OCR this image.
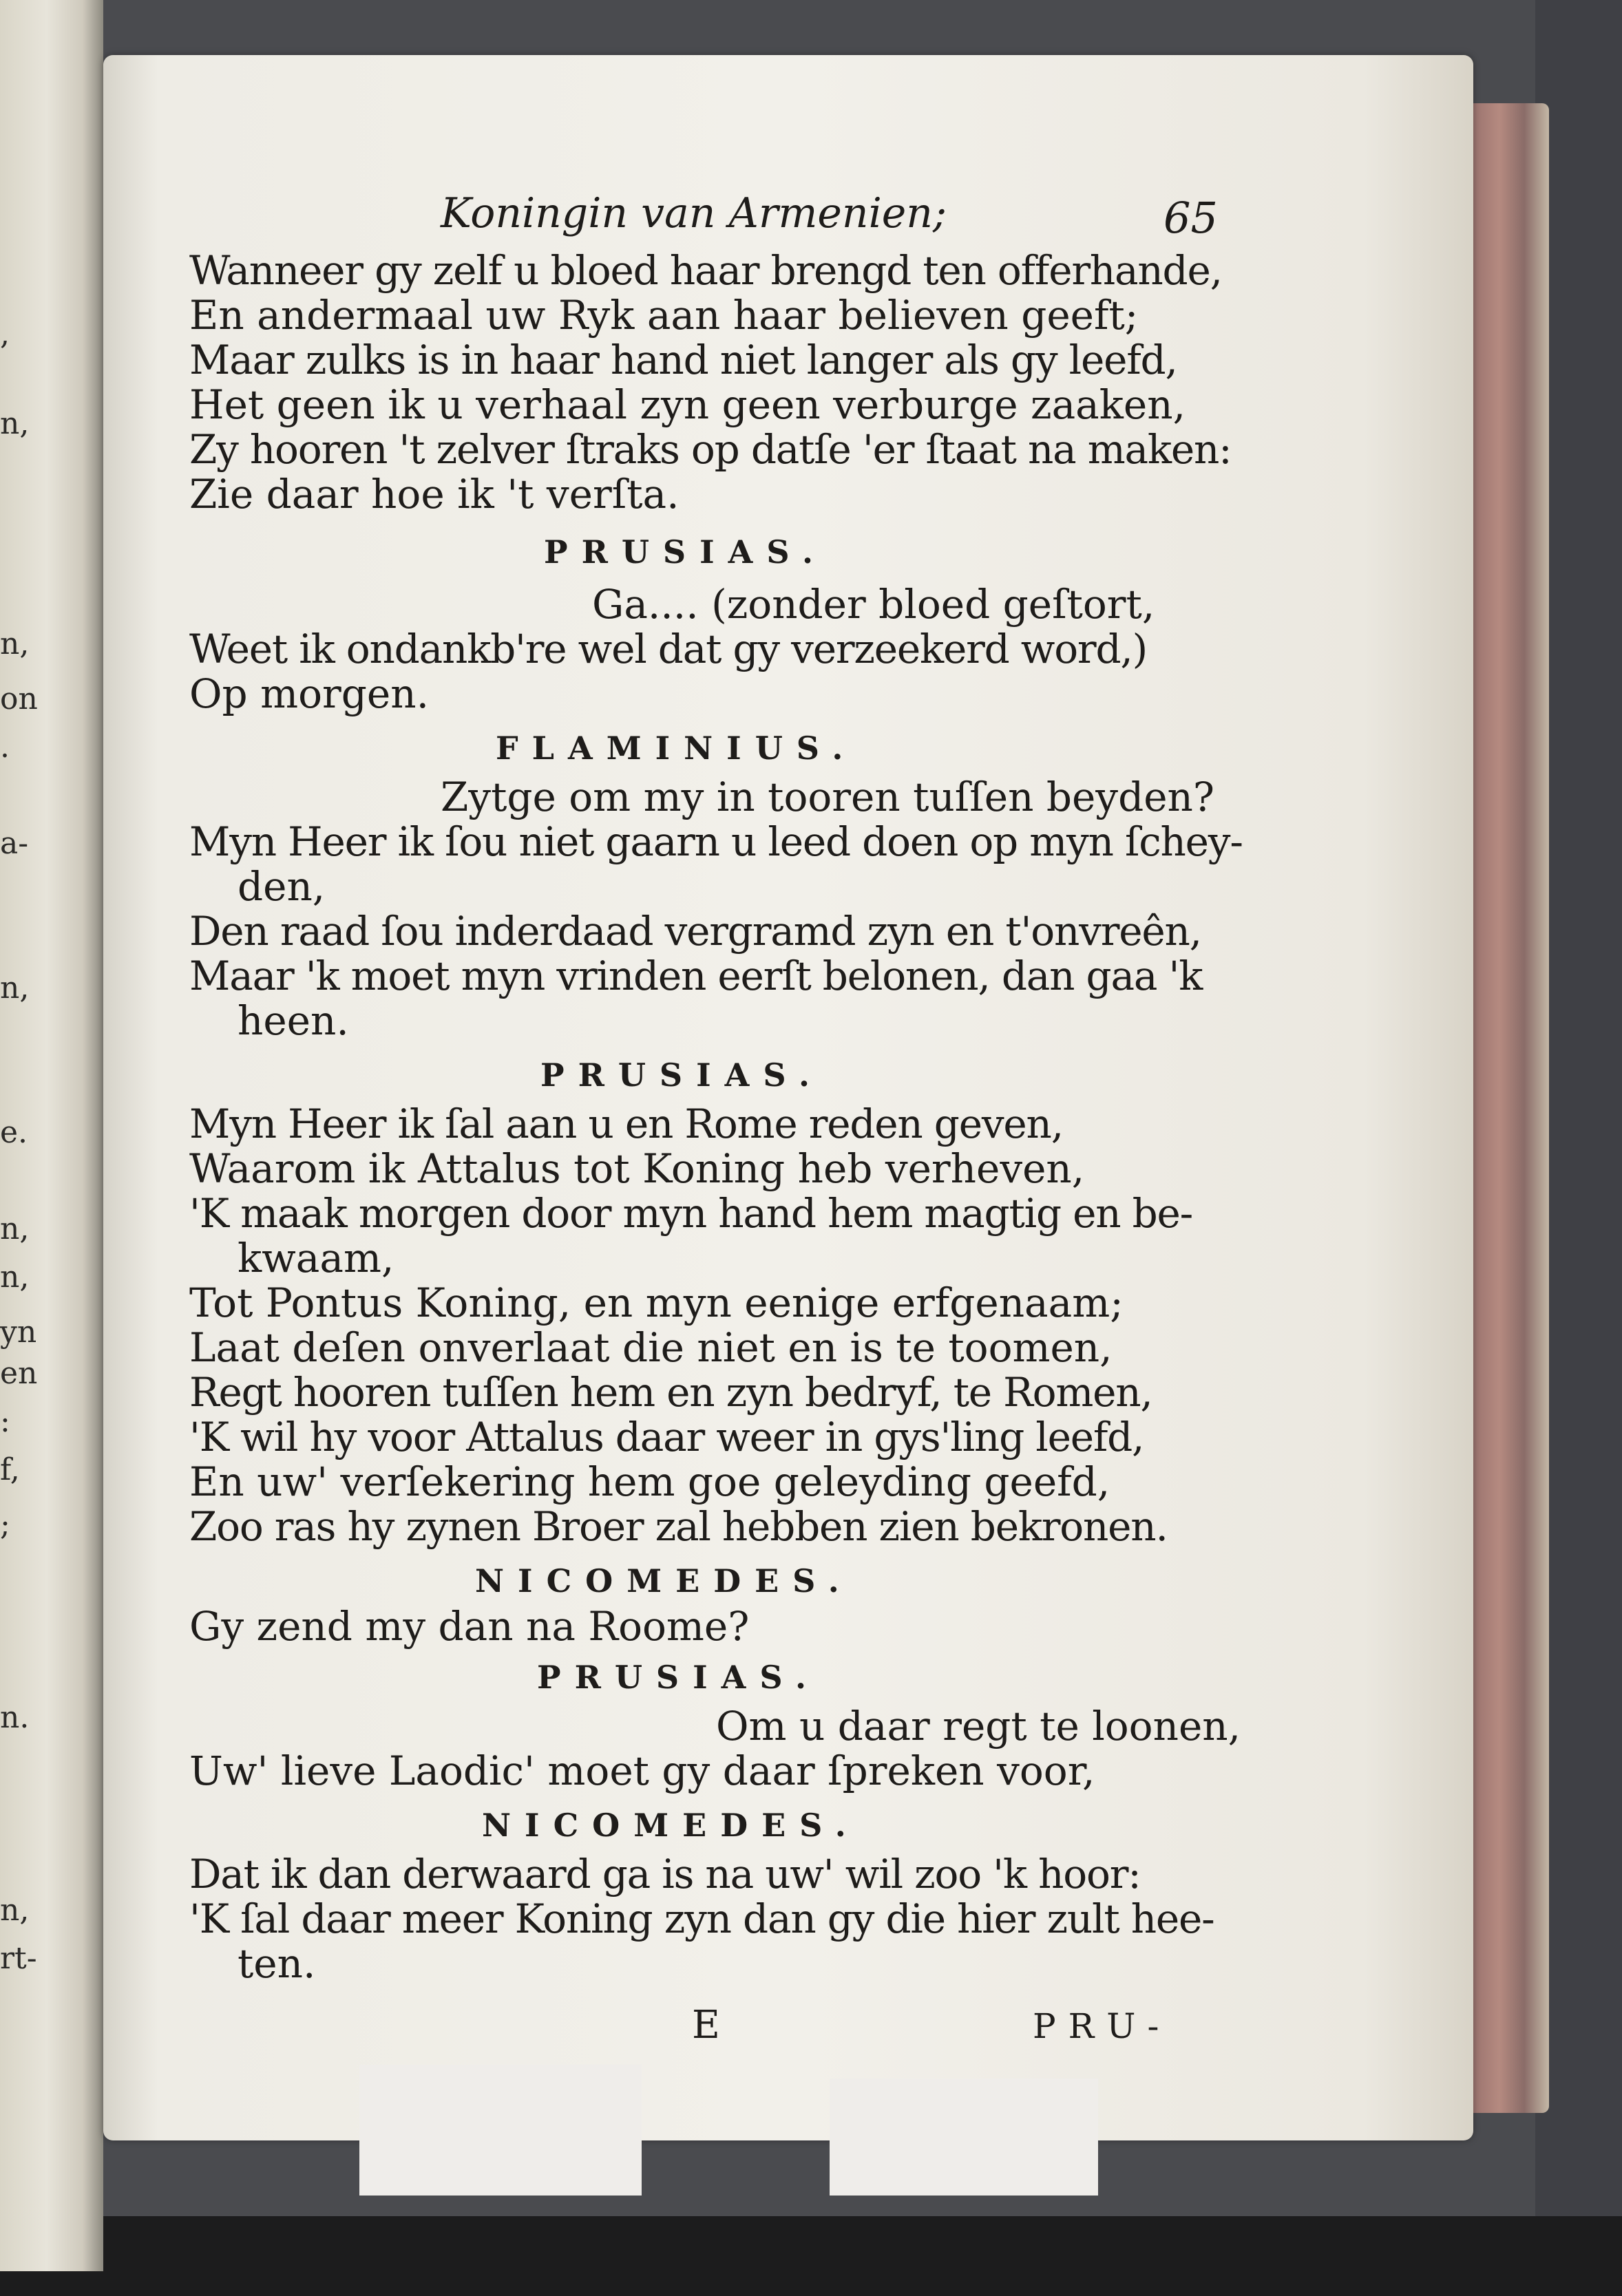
,
n,
n,
on
.
a-
n,
e.
n,
n,
yn
en
:
f,
;
n.
n,
rt-
Koningin van Armenien;	65
Wanneer gy zelf u bloed haar brengd ten offerhande,
En andermaal uw Ryk aan haar believen geeft;
Maar zulks is in haar hand niet langer als gy leefd,
Het geen ik u verhaal zyn geen verburge zaaken,
Zy hooren 't zelver ſtraks op datſe 'er ſtaat na maken:
Zie daar hoe ik 't verſta.
PRUSIAS.
Ga.... (zonder bloed geſtort,
Weet ik ondankb're wel dat gy verzeekerd word,)
Op morgen.
FLAMINIUS.
Zytge om my in tooren tuſſen beyden?
Myn Heer ik ſou niet gaarn u leed doen op myn ſchey-
den,
Den raad ſou inderdaad vergramd zyn en t'onvreên,
Maar 'k moet myn vrinden eerſt belonen, dan gaa 'k
heen.
PRUSIAS.
Myn Heer ik ſal aan u en Rome reden geven,
Waarom ik Attalus tot Koning heb verheven,
'K maak morgen door myn hand hem magtig en be-
kwaam,
Tot Pontus Koning, en myn eenige erfgenaam;
Laat deſen onverlaat die niet en is te toomen,
Regt hooren tuſſen hem en zyn bedryf, te Romen,
'K wil hy voor Attalus daar weer in gys'ling leefd,
En uw' verſekering hem goe geleyding geefd,
Zoo ras hy zynen Broer zal hebben zien bekronen.
NICOMEDES.
Gy zend my dan na Roome?
PRUSIAS.
Om u daar regt te loonen,
Uw' lieve Laodic' moet gy daar ſpreken voor,
NICOMEDES.
Dat ik dan derwaard ga is na uw' wil zoo 'k hoor:
'K ſal daar meer Koning zyn dan gy die hier zult hee-
ten.
E	PRU-
